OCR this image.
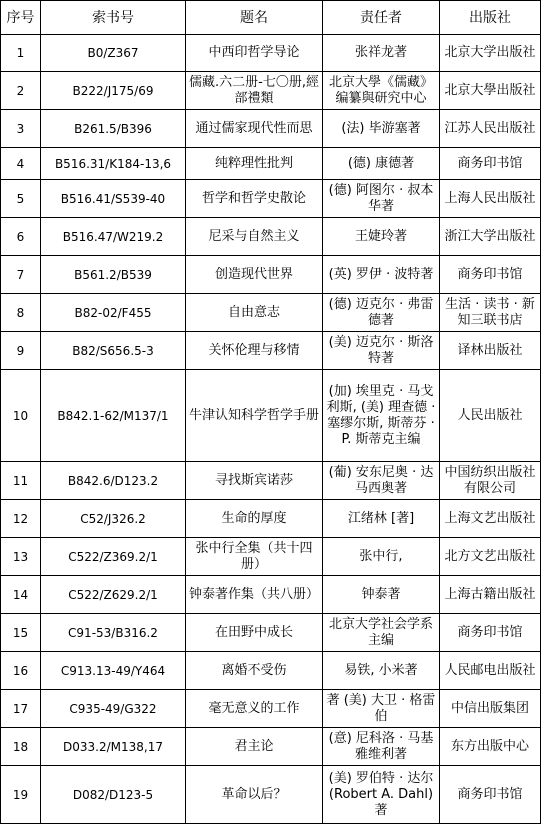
序号	索书号	题名	责任者	出版社
1	B0/Z367	中西印哲学导论	张祥龙著	北京大学出版社
2	B222/J175/69	儒藏.六二册-七〇册,經部禮類	北京大學《儒藏》编纂與研究中心	北京大學出版社
3	B261.5/B396	通过儒家现代性而思	(法) 毕游塞著	江苏人民出版社
4	B516.31/K184-13,6	纯粹理性批判	(德) 康德著	商务印书馆
5	B516.41/S539-40	哲学和哲学史散论	(德) 阿图尔 · 叔本华著	上海人民出版社
6	B516.47/W219.2	尼采与自然主义	王婕玲著	浙江大学出版社
7	B561.2/B539	创造现代世界	(英) 罗伊 · 波特著	商务印书馆
8	B82-02/F455	自由意志	(德) 迈克尔 · 弗雷德著	生活 · 读书 · 新知三联书店
9	B82/S656.5-3	关怀伦理与移情	(美) 迈克尔 · 斯洛特著	译林出版社
10	B842.1-62/M137/1	牛津认知科学哲学手册	(加) 埃里克 · 马戈利斯, (美) 理查德 · 塞缪尔斯, 斯蒂芬 · P. 斯蒂克主编	人民出版社
11	B842.6/D123.2	寻找斯宾诺莎	(葡) 安东尼奥 · 达马西奥著	中国纺织出版社有限公司
12	C52/J326.2	生命的厚度	江绪林 [著]	上海文艺出版社
13	C522/Z369.2/1	张中行全集（共十四册）	张中行,	北方文艺出版社
14	C522/Z629.2/1	钟泰著作集（共八册）	钟泰著	上海古籍出版社
15	C91-53/B316.2	在田野中成长	北京大学社会学系主编	商务印书馆
16	C913.13-49/Y464	离婚不受伤	易铁, 小米著	人民邮电出版社
17	C935-49/G322	毫无意义的工作	著 (美) 大卫 · 格雷伯	中信出版集团
18	D033.2/M138,17	君主论	(意) 尼科洛 · 马基雅维利著	东方出版中心
19	D082/D123-5	革命以后？	(美) 罗伯特 · 达尔(Robert A. Dahl)著	商务印书馆
